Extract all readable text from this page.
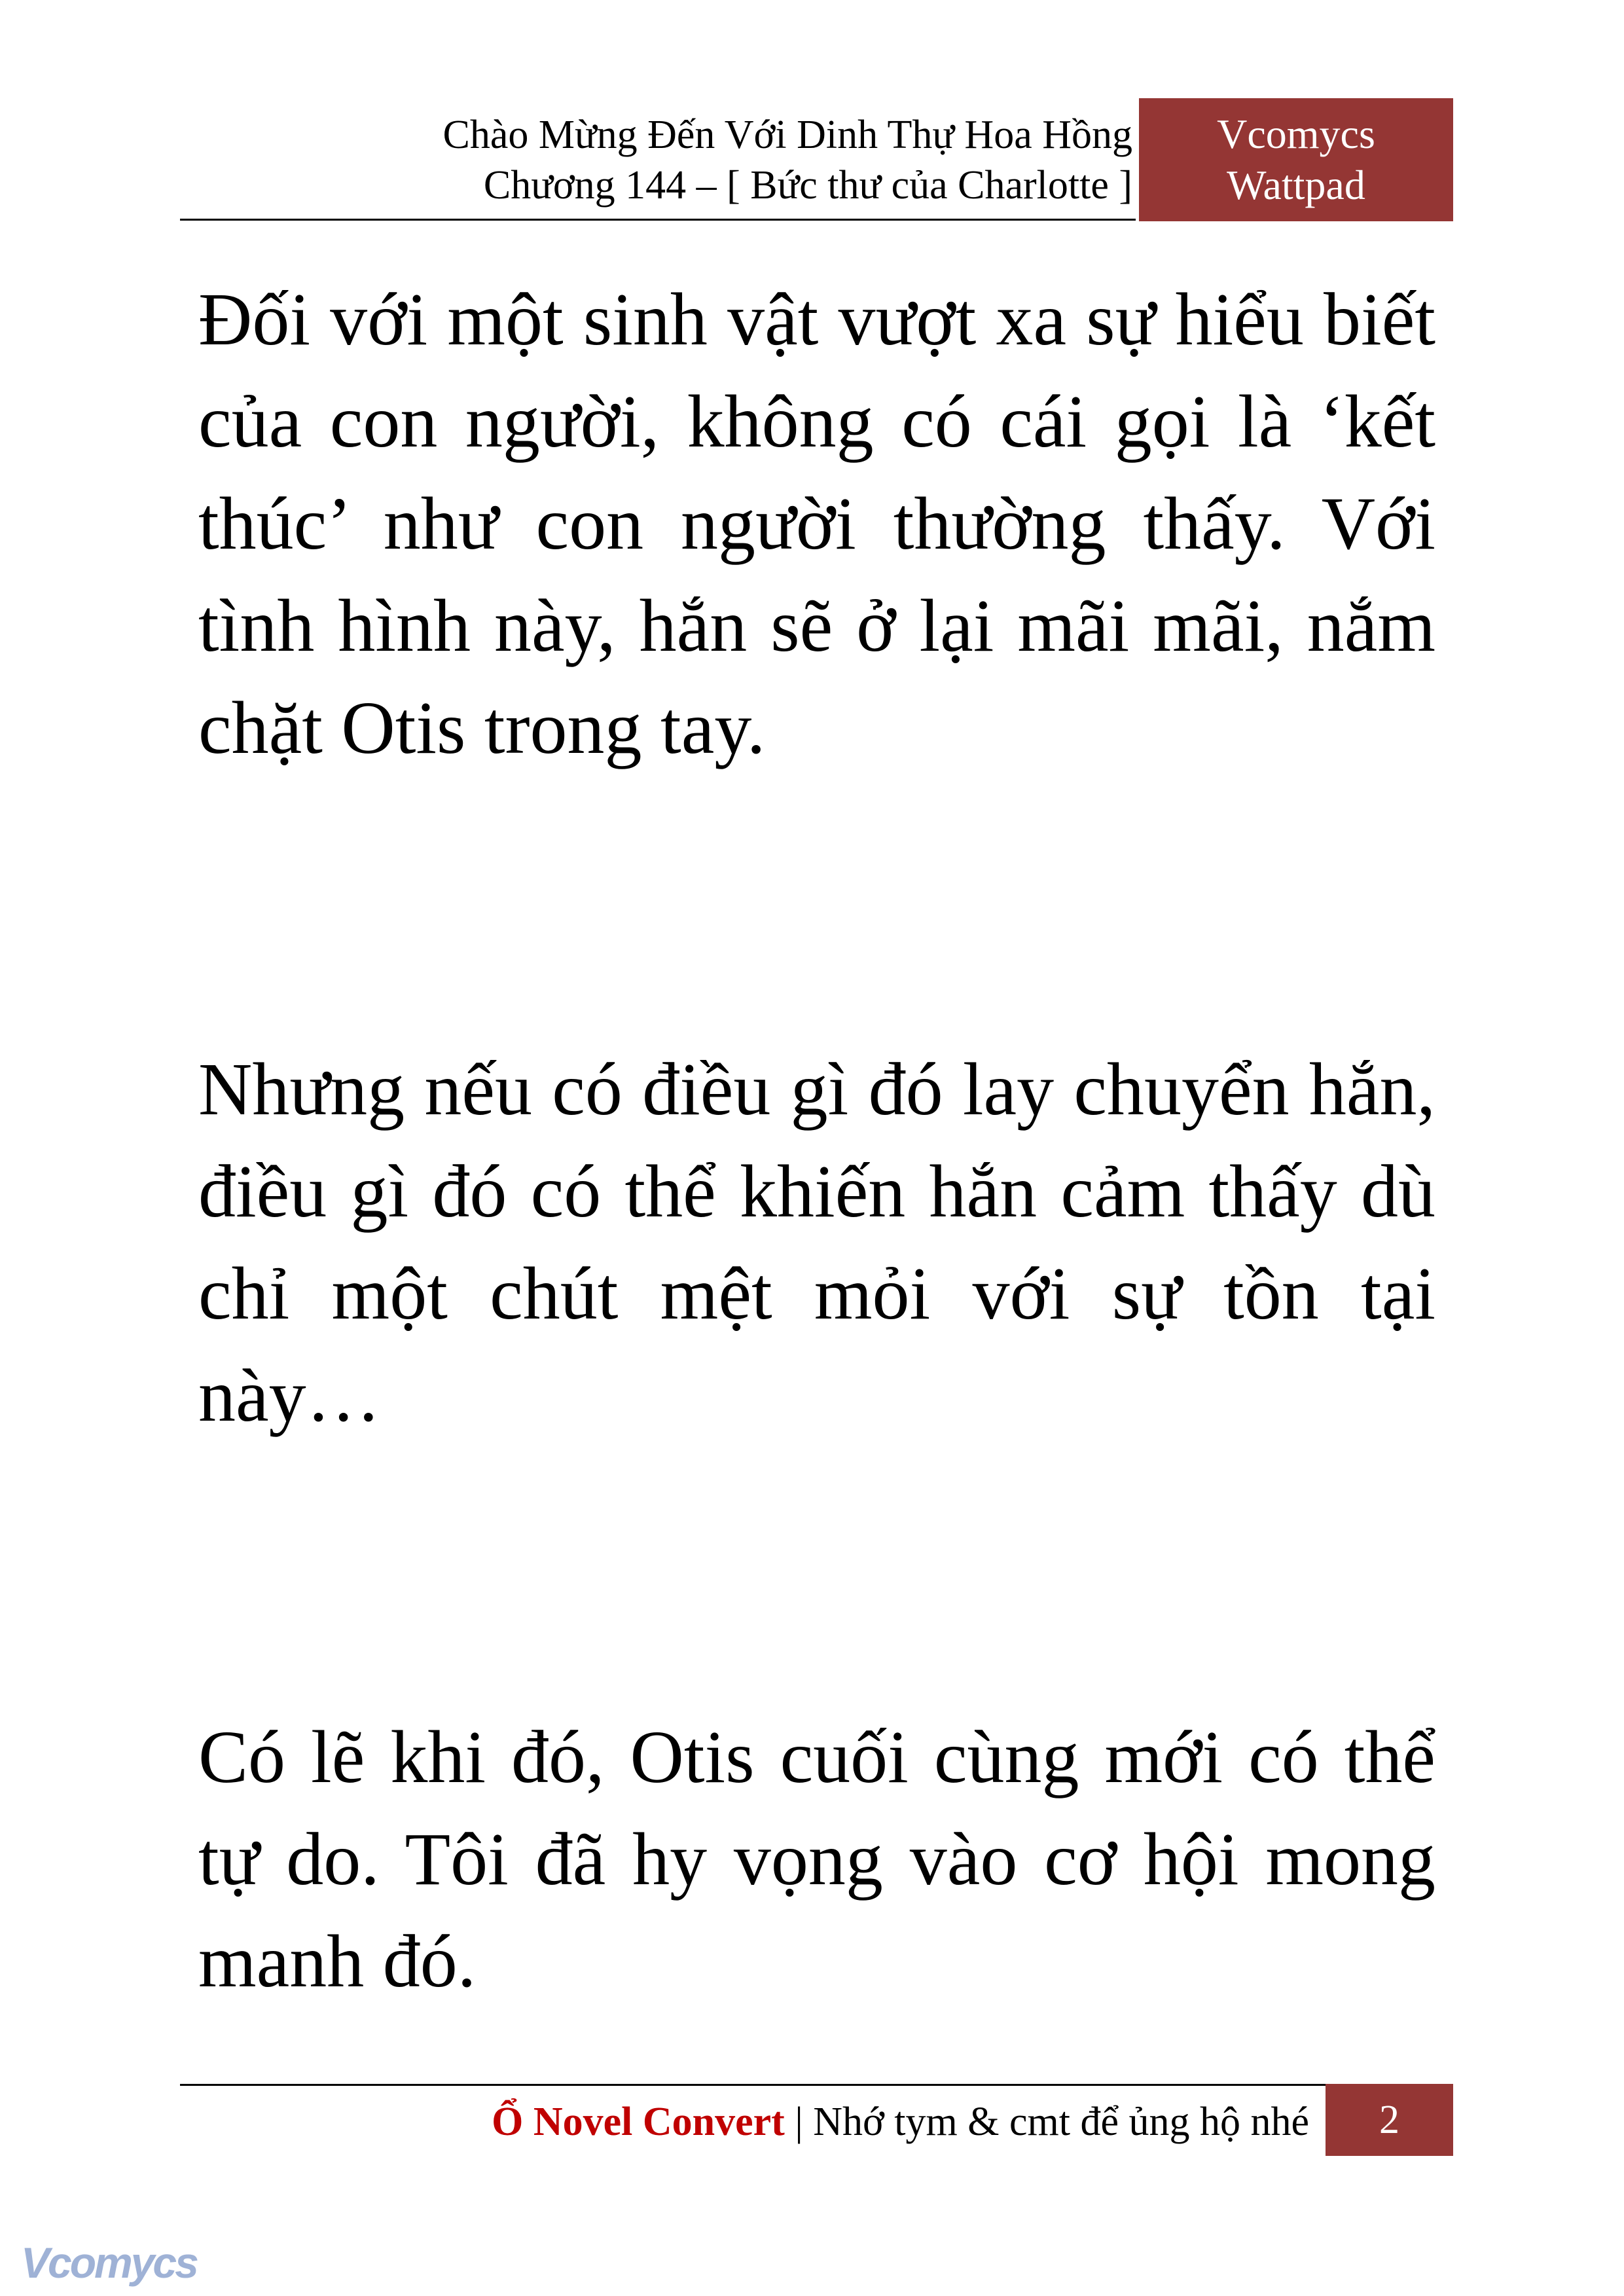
Chào Mừng Đến Với Dinh Thự Hoa Hồng
Chương 144 – [ Bức thư của Charlotte ]
Vcomycs
Wattpad

Đối với một sinh vật vượt xa sự hiểu biết của con người, không có cái gọi là ‘kết thúc’ như con người thường thấy. Với tình hình này, hắn sẽ ở lại mãi mãi, nắm chặt Otis trong tay.

Nhưng nếu có điều gì đó lay chuyển hắn, điều gì đó có thể khiến hắn cảm thấy dù chỉ một chút mệt mỏi với sự tồn tại này…

Có lẽ khi đó, Otis cuối cùng mới có thể tự do. Tôi đã hy vọng vào cơ hội mong manh đó.

Ổ Novel Convert | Nhớ tym & cmt để ủng hộ nhé	2
Vcomycs
